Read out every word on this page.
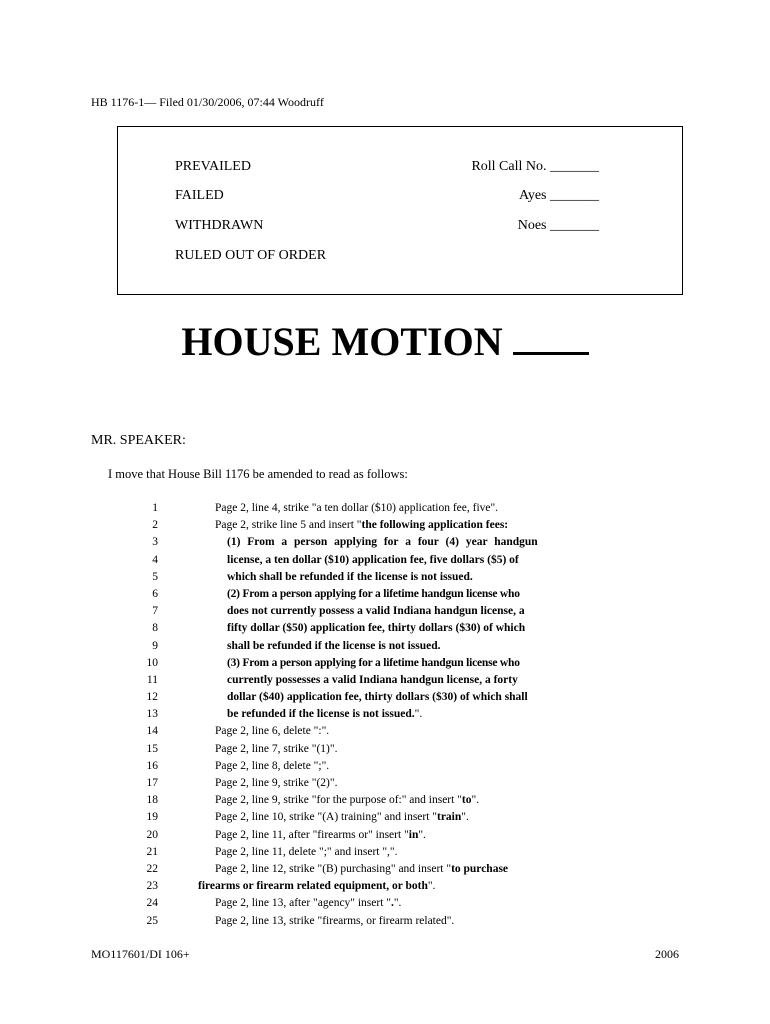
HB 1176-1— Filed 01/30/2006, 07:44 Woodruff
PREVAILED
FAILED
WITHDRAWN
RULED OUT OF ORDER
Roll Call No. _______
Ayes _______
Noes _______
HOUSE MOTION
MR. SPEAKER:
I move that House Bill 1176 be amended to read as follows:
1	Page 2, line 4, strike "a ten dollar ($10) application fee, five".
2	Page 2, strike line 5 and insert "the following application fees:
3	(1) From a person applying for a four (4) year handgun
4	license, a ten dollar ($10) application fee, five dollars ($5) of
5	which shall be refunded if the license is not issued.
6	(2) From a person applying for a lifetime handgun license who
7	does not currently possess a valid Indiana handgun license, a
8	fifty dollar ($50) application fee, thirty dollars ($30) of which
9	shall be refunded if the license is not issued.
10	(3) From a person applying for a lifetime handgun license who
11	currently possesses a valid Indiana handgun license, a forty
12	dollar ($40) application fee, thirty dollars ($30) of which shall
13	be refunded if the license is not issued.".
14	Page 2, line 6, delete ":".
15	Page 2, line 7, strike "(1)".
16	Page 2, line 8, delete ";".
17	Page 2, line 9, strike "(2)".
18	Page 2, line 9, strike "for the purpose of:" and insert "to".
19	Page 2, line 10, strike "(A) training" and insert "train".
20	Page 2, line 11, after "firearms or" insert "in".
21	Page 2, line 11, delete ";" and insert ",".
22	Page 2, line 12, strike "(B) purchasing" and insert "to purchase
23	firearms or firearm related equipment, or both".
24	Page 2, line 13, after "agency" insert ".".
25	Page 2, line 13, strike "firearms, or firearm related".
MO117601/DI 106+	2006
